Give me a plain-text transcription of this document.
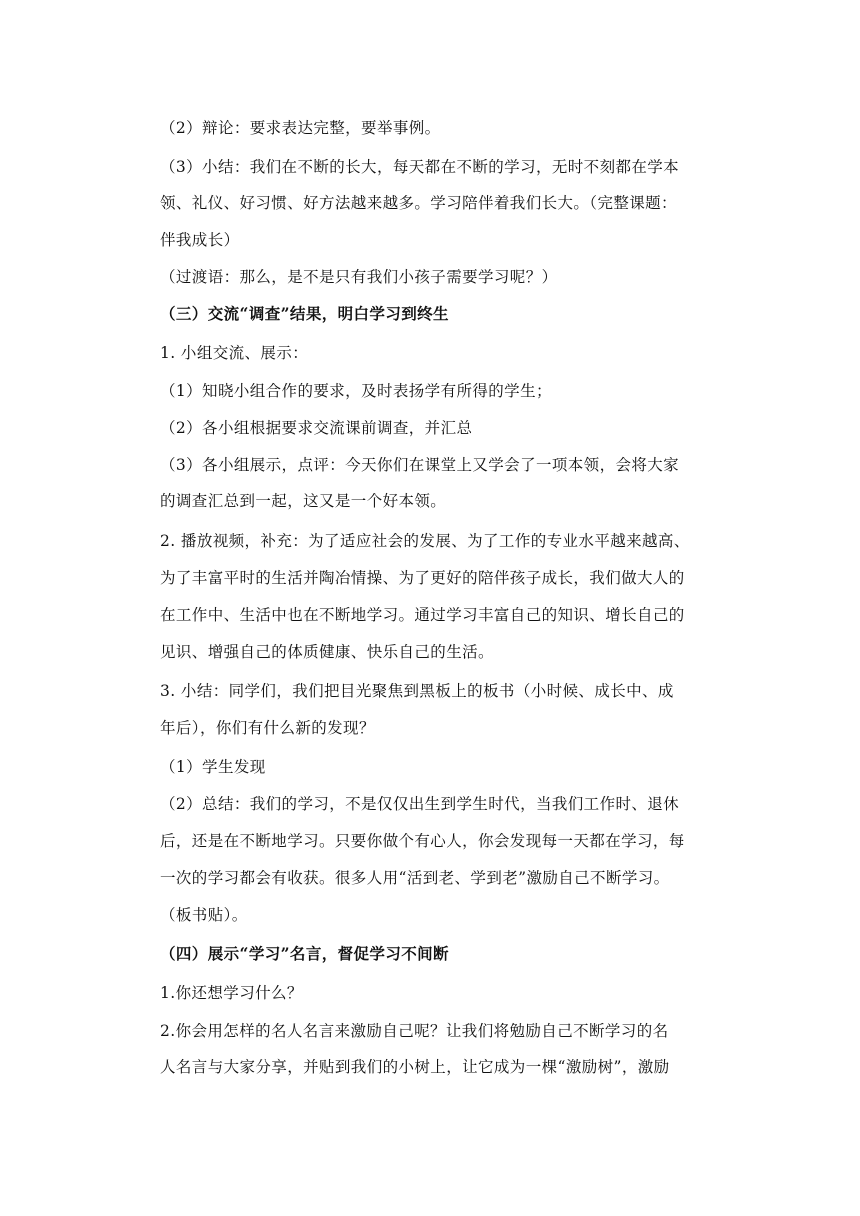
（2）辩论：要求表达完整，要举事例。
（3）小结：我们在不断的长大，每天都在不断的学习，无时不刻都在学本
领、礼仪、好习惯、好方法越来越多。学习陪伴着我们长大。（完整课题：
伴我成长）
（过渡语：那么，是不是只有我们小孩子需要学习呢？）
（三）交流“调查”结果，明白学习到终生
1. 小组交流、展示：
（1）知晓小组合作的要求，及时表扬学有所得的学生；
（2）各小组根据要求交流课前调查，并汇总
（3）各小组展示，点评：今天你们在课堂上又学会了一项本领，会将大家
的调查汇总到一起，这又是一个好本领。
2. 播放视频，补充：为了适应社会的发展、为了工作的专业水平越来越高、
为了丰富平时的生活并陶冶情操、为了更好的陪伴孩子成长，我们做大人的
在工作中、生活中也在不断地学习。通过学习丰富自己的知识、增长自己的
见识、增强自己的体质健康、快乐自己的生活。
3. 小结：同学们，我们把目光聚焦到黑板上的板书（小时候、成长中、成
年后），你们有什么新的发现？
（1）学生发现
（2）总结：我们的学习，不是仅仅出生到学生时代，当我们工作时、退休
后，还是在不断地学习。只要你做个有心人，你会发现每一天都在学习，每
一次的学习都会有收获。很多人用“活到老、学到老”激励自己不断学习。
（板书贴）。
（四）展示“学习”名言，督促学习不间断
1.你还想学习什么？
2.你会用怎样的名人名言来激励自己呢？让我们将勉励自己不断学习的名
人名言与大家分享，并贴到我们的小树上，让它成为一棵“激励树”，激励
